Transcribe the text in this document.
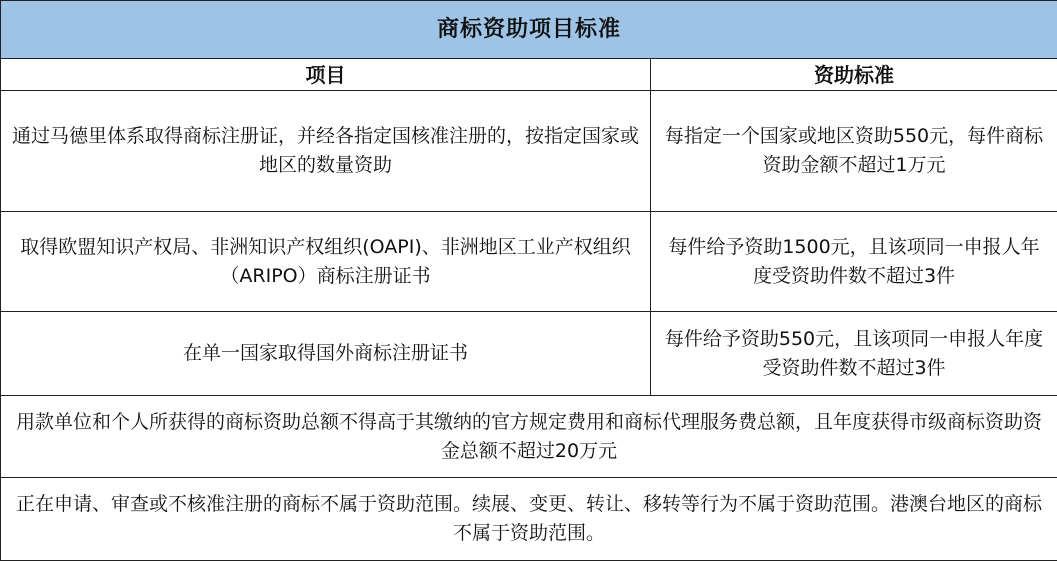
商标资助项目标准	
项目	资助标准
通过马德里体系取得商标注册证，并经各指定国核准注册的，按指定国家或地区的数量资助	每指定一个国家或地区资助550元，每件商标资助金额不超过1万元
取得欧盟知识产权局、非洲知识产权组织(OAPI)、非洲地区工业产权组织（ARIPO）商标注册证书	每件给予资助1500元，且该项同一申报人年度受资助件数不超过3件
在单一国家取得国外商标注册证书	每件给予资助550元，且该项同一申报人年度受资助件数不超过3件
用款单位和个人所获得的商标资助总额不得高于其缴纳的官方规定费用和商标代理服务费总额，且年度获得市级商标资助资金总额不超过20万元	
正在申请、审查或不核准注册的商标不属于资助范围。续展、变更、转让、移转等行为不属于资助范围。港澳台地区的商标不属于资助范围。	
